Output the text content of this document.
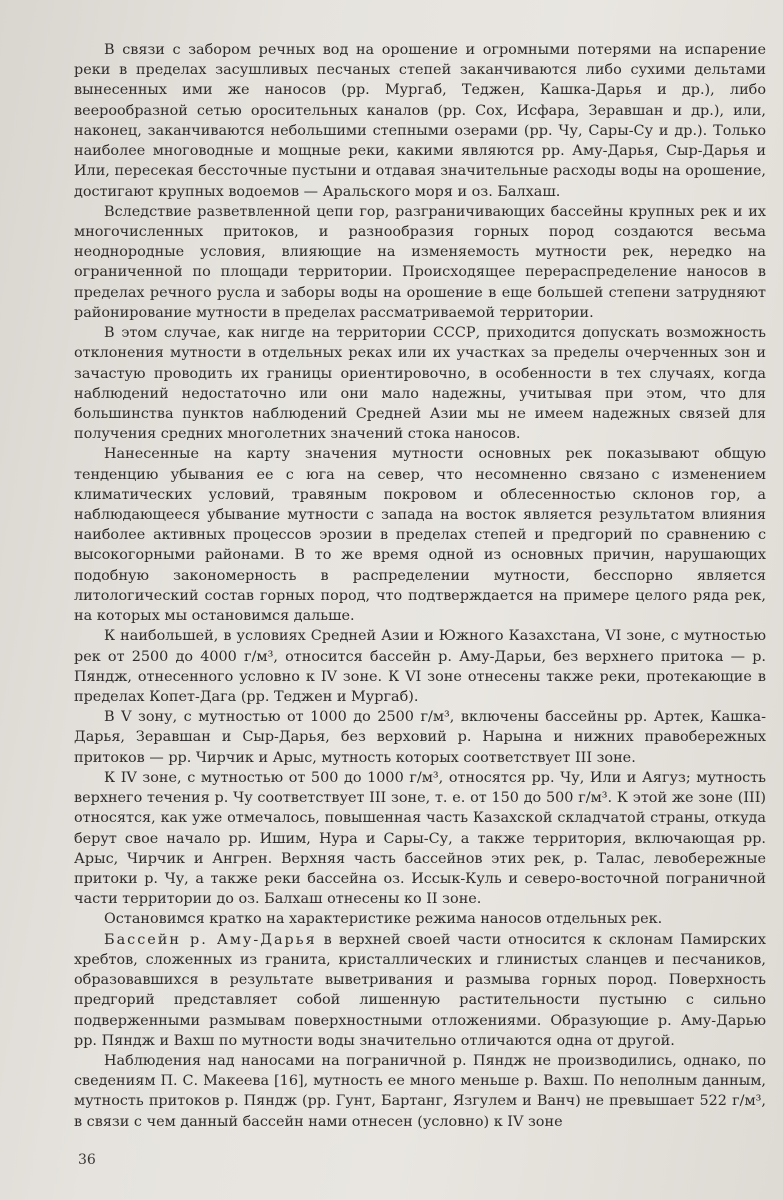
В связи с забором речных вод на орошение и огромными потерями на испарение реки в пределах засушливых песчаных степей заканчиваются либо сухими дельтами вынесенных ими же наносов (рр. Мургаб, Теджен, Кашка-Дарья и др.), либо веерообразной сетью оросительных каналов (рр. Сох, Исфара, Зеравшан и др.), или, наконец, заканчиваются небольшими степными озерами (рр. Чу, Сары-Су и др.). Только наиболее многоводные и мощные реки, какими являются рр. Аму-Дарья, Сыр-Дарья и Или, пересекая бессточные пустыни и отдавая значительные расходы воды на орошение, достигают крупных водоемов — Аральского моря и оз. Балхаш.

Вследствие разветвленной цепи гор, разграничивающих бассейны крупных рек и их многочисленных притоков, и разнообразия горных пород создаются весьма неоднородные условия, влияющие на изменяемость мутности рек, нередко на ограниченной по площади территории. Происходящее перераспределение наносов в пределах речного русла и заборы воды на орошение в еще большей степени затрудняют районирование мутности в пределах рассматриваемой территории.

В этом случае, как нигде на территории СССР, приходится допускать возможность отклонения мутности в отдельных реках или их участках за пределы очерченных зон и зачастую проводить их границы ориентировочно, в особенности в тех случаях, когда наблюдений недостаточно или они мало надежны, учитывая при этом, что для большинства пунктов наблюдений Средней Азии мы не имеем надежных связей для получения средних многолетних значений стока наносов.

Нанесенные на карту значения мутности основных рек показывают общую тенденцию убывания ее с юга на север, что несомненно связано с изменением климатических условий, травяным покровом и облесенностью склонов гор, а наблюдающееся убывание мутности с запада на восток является результатом влияния наиболее активных процессов эрозии в пределах степей и предгорий по сравнению с высокогорными районами. В то же время одной из основных причин, нарушающих подобную закономерность в распределении мутности, бесспорно является литологический состав горных пород, что подтверждается на примере целого ряда рек, на которых мы остановимся дальше.

К наибольшей, в условиях Средней Азии и Южного Казахстана, VI зоне, с мутностью рек от 2500 до 4000 г/м³, относится бассейн р. Аму-Дарьи, без верхнего притока — р. Пяндж, отнесенного условно к IV зоне. К VI зоне отнесены также реки, протекающие в пределах Копет-Дага (рр. Теджен и Мургаб).

В V зону, с мутностью от 1000 до 2500 г/м³, включены бассейны рр. Артек, Кашка-Дарья, Зеравшан и Сыр-Дарья, без верховий р. Нарына и нижних правобережных притоков — рр. Чирчик и Арыс, мутность которых соответствует III зоне.

К IV зоне, с мутностью от 500 до 1000 г/м³, относятся рр. Чу, Или и Аягуз; мутность верхнего течения р. Чу соответствует III зоне, т. е. от 150 до 500 г/м³. К этой же зоне (III) относятся, как уже отмечалось, повышенная часть Казахской складчатой страны, откуда берут свое начало рр. Ишим, Нура и Сары-Су, а также территория, включающая рр. Арыс, Чирчик и Ангрен. Верхняя часть бассейнов этих рек, р. Талас, левобережные притоки р. Чу, а также реки бассейна оз. Иссык-Куль и северо-восточной пограничной части территории до оз. Балхаш отнесены ко II зоне.

Остановимся кратко на характеристике режима наносов отдельных рек.

Бассейн р. Аму-Дарья в верхней своей части относится к склонам Памирских хребтов, сложенных из гранита, кристаллических и глинистых сланцев и песчаников, образовавшихся в результате выветривания и размыва горных пород. Поверхность предгорий представляет собой лишенную растительности пустыню с сильно подверженными размывам поверхностными отложениями. Образующие р. Аму-Дарью рр. Пяндж и Вахш по мутности воды значительно отличаются одна от другой.

Наблюдения над наносами на пограничной р. Пяндж не производились, однако, по сведениям П. С. Макеева [16], мутность ее много меньше р. Вахш. По неполным данным, мутность притоков р. Пяндж (рр. Гунт, Бартанг, Язгулем и Ванч) не превышает 522 г/м³, в связи с чем данный бассейн нами отнесен (условно) к IV зоне

36
